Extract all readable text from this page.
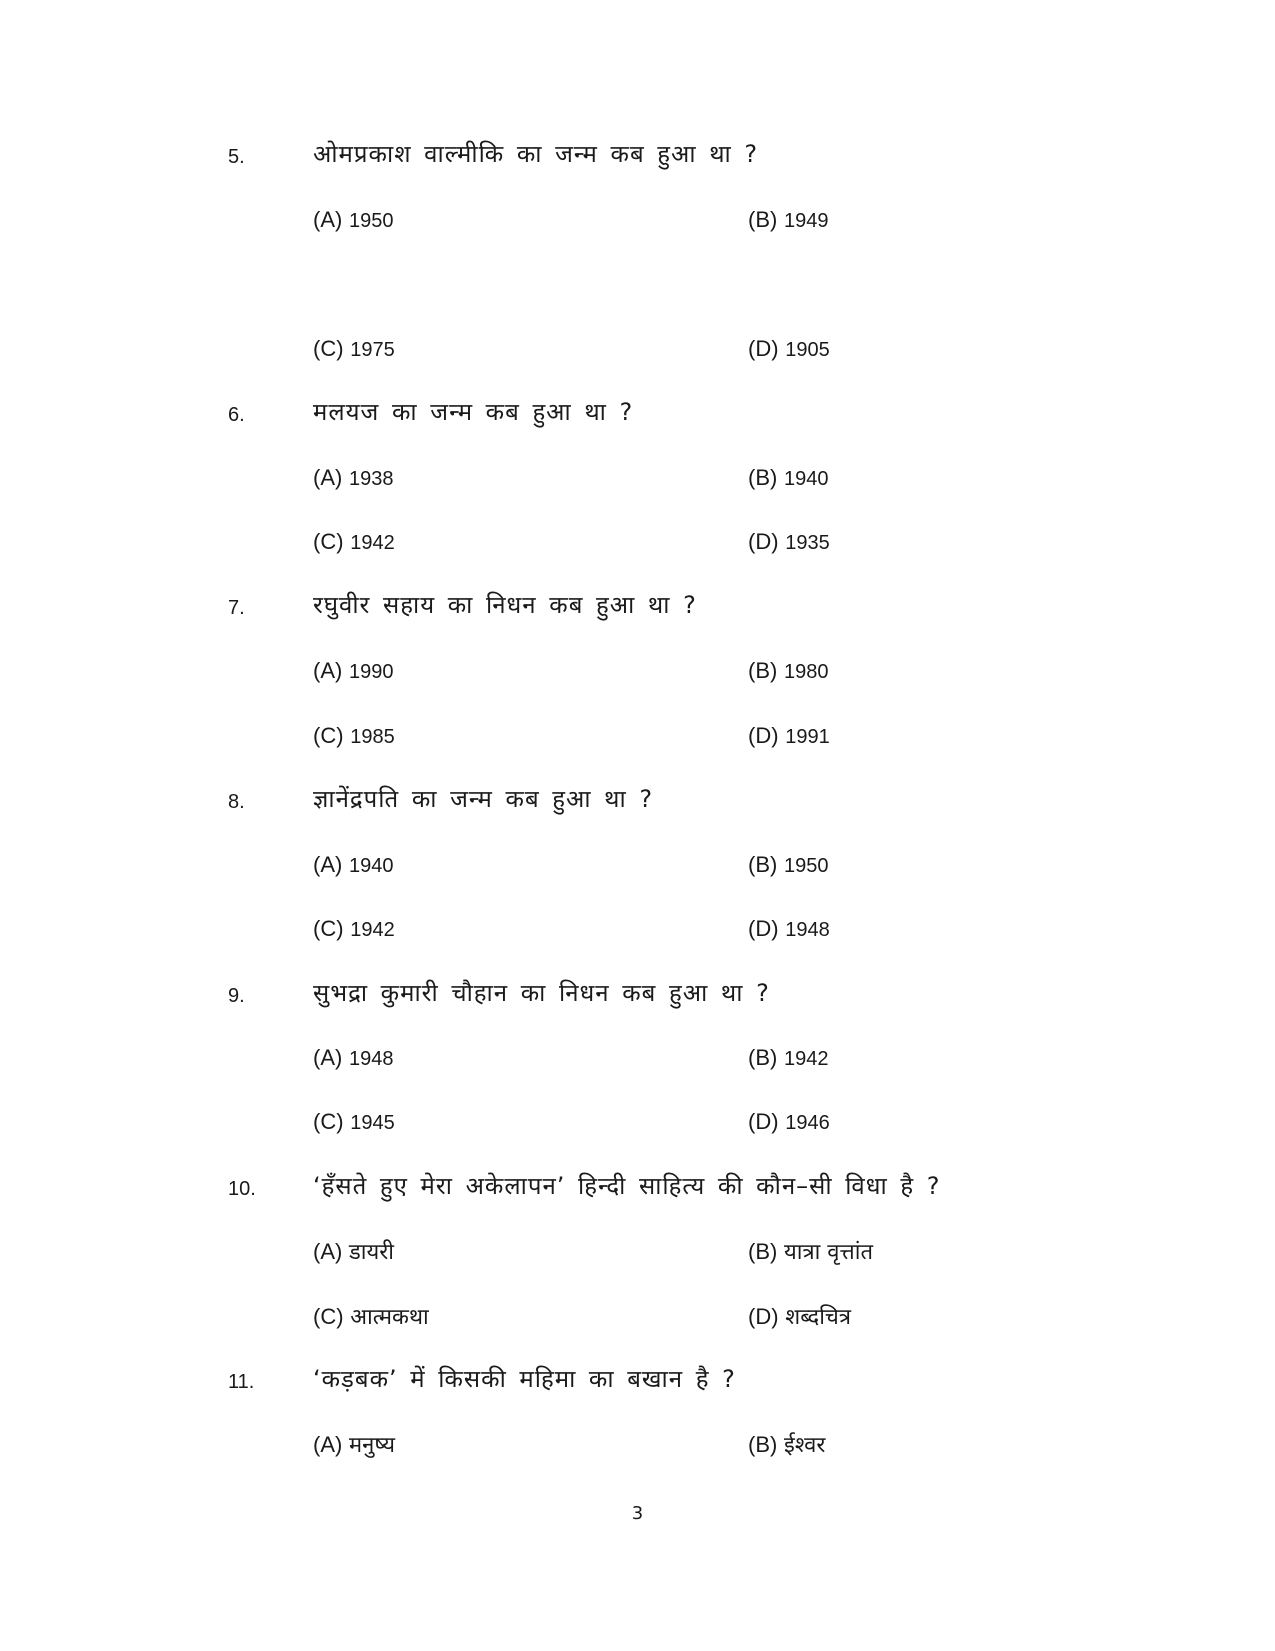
5.	ओमप्रकाश वाल्मीकि का जन्म कब हुआ था ?
(A) 1950	(B) 1949
(C) 1975	(D) 1905
6.	मलयज का जन्म कब हुआ था ?
(A) 1938	(B) 1940
(C) 1942	(D) 1935
7.	रघुवीर सहाय का निधन कब हुआ था ?
(A) 1990	(B) 1980
(C) 1985	(D) 1991
8.	ज्ञानेंद्रपति का जन्म कब हुआ था ?
(A) 1940	(B) 1950
(C) 1942	(D) 1948
9.	सुभद्रा कुमारी चौहान का निधन कब हुआ था ?
(A) 1948	(B) 1942
(C) 1945	(D) 1946
10. ‘हँसते हुए मेरा अकेलापन’ हिन्दी साहित्य की कौन–सी विधा है ?
(A) डायरी	(B) यात्रा वृत्तांत
(C) आत्मकथा	(D) शब्दचित्र
11. ‘कड़बक’ में किसकी महिमा का बखान है ?
(A) मनुष्य	(B) ईश्वर
3
